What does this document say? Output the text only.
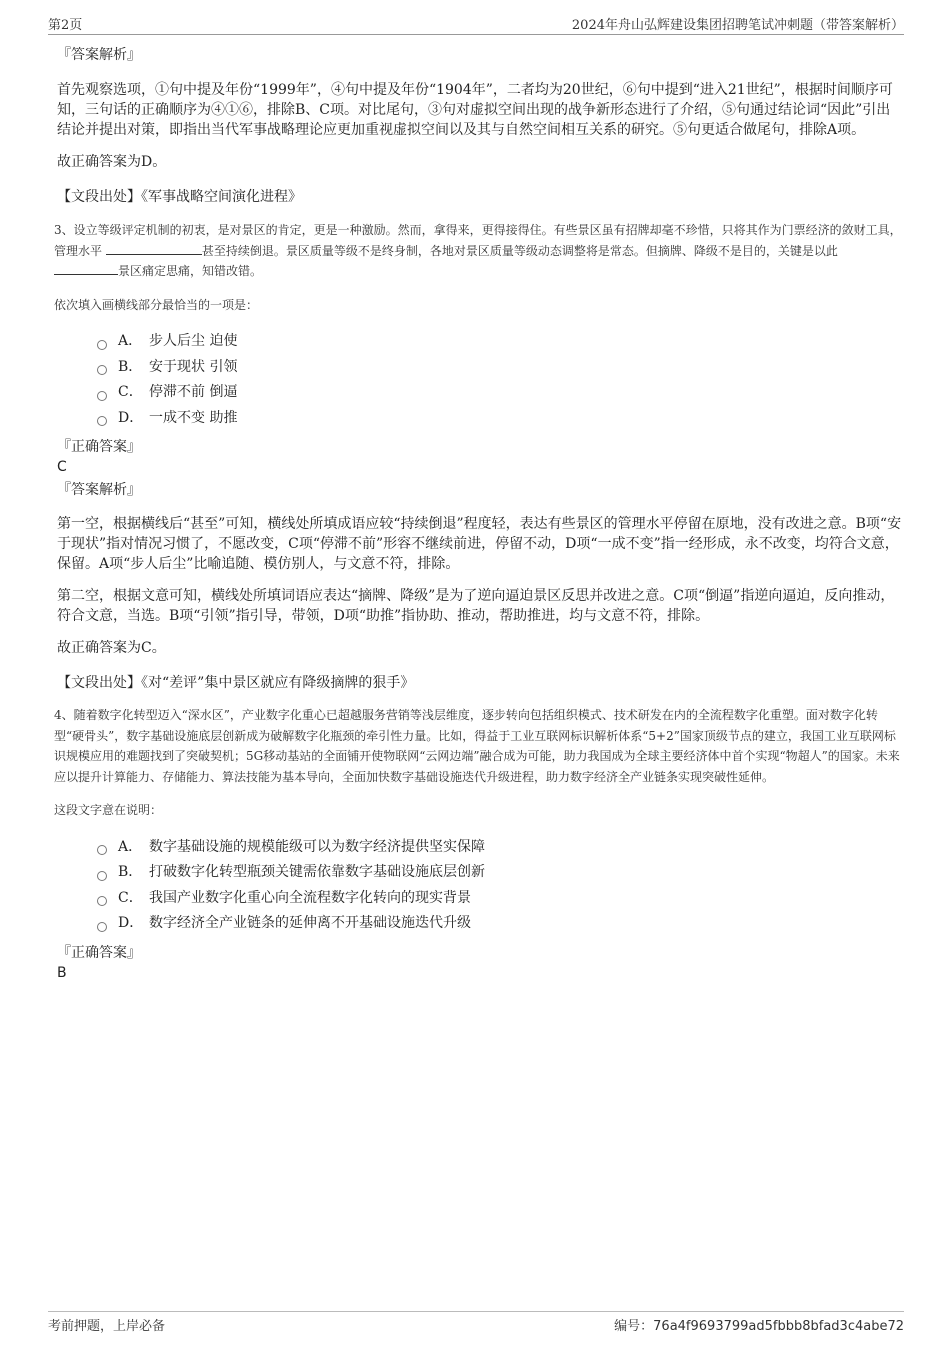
第2页	2024年舟山弘辉建设集团招聘笔试冲刺题（带答案解析）

『答案解析』

首先观察选项，①句中提及年份“1999年”，④句中提及年份“1904年”，二者均为20世纪，⑥句中提到“进入21世纪”，根据时间顺序可知，三句话的正确顺序为④①⑥，排除B、C项。对比尾句，③句对虚拟空间出现的战争新形态进行了介绍，⑤句通过结论词“因此”引出结论并提出对策，即指出当代军事战略理论应更加重视虚拟空间以及其与自然空间相互关系的研究。⑤句更适合做尾句，排除A项。

故正确答案为D。

【文段出处】《军事战略空间演化进程》

3、设立等级评定机制的初衷，是对景区的肯定，更是一种激励。然而，拿得来，更得接得住。有些景区虽有招牌却毫不珍惜，只将其作为门票经济的敛财工具，管理水平	甚至持续倒退。景区质量等级不是终身制，各地对景区质量等级动态调整将是常态。但摘牌、降级不是目的，关键是以此 景区痛定思痛，知错改错。

依次填入画横线部分最恰当的一项是：

A． 步人后尘 迫使
B． 安于现状 引领
C． 停滞不前 倒逼
D． 一成不变 助推

『正确答案』

C

『答案解析』

第一空，根据横线后“甚至”可知，横线处所填成语应较“持续倒退”程度轻，表达有些景区的管理水平停留在原地，没有改进之意。B项“安于现状”指对情况习惯了，不愿改变，C项“停滞不前”形容不继续前进，停留不动，D项“一成不变”指一经形成，永不改变，均符合文意，保留。A项“步人后尘”比喻追随、模仿别人，与文意不符，排除。

第二空，根据文意可知，横线处所填词语应表达“摘牌、降级”是为了逆向逼迫景区反思并改进之意。C项“倒逼”指逆向逼迫，反向推动，符合文意，当选。B项“引领”指引导，带领，D项“助推”指协助、推动，帮助推进，均与文意不符，排除。

故正确答案为C。

【文段出处】《对“差评”集中景区就应有降级摘牌的狠手》

4、随着数字化转型迈入“深水区”，产业数字化重心已超越服务营销等浅层维度，逐步转向包括组织模式、技术研发在内的全流程数字化重塑。面对数字化转型“硬骨头”，数字基础设施底层创新成为破解数字化瓶颈的牵引性力量。比如，得益于工业互联网标识解析体系“5+2”国家顶级节点的建立，我国工业互联网标识规模应用的难题找到了突破契机；5G移动基站的全面铺开使物联网“云网边端”融合成为可能，助力我国成为全球主要经济体中首个实现“物超人”的国家。未来应以提升计算能力、存储能力、算法技能为基本导向，全面加快数字基础设施迭代升级进程，助力数字经济全产业链条实现突破性延伸。

这段文字意在说明：

A． 数字基础设施的规模能级可以为数字经济提供坚实保障
B． 打破数字化转型瓶颈关键需依靠数字基础设施底层创新
C． 我国产业数字化重心向全流程数字化转向的现实背景
D． 数字经济全产业链条的延伸离不开基础设施迭代升级

『正确答案』

B

考前押题，上岸必备	编号：76a4f9693799ad5fbbb8bfad3c4abe72
